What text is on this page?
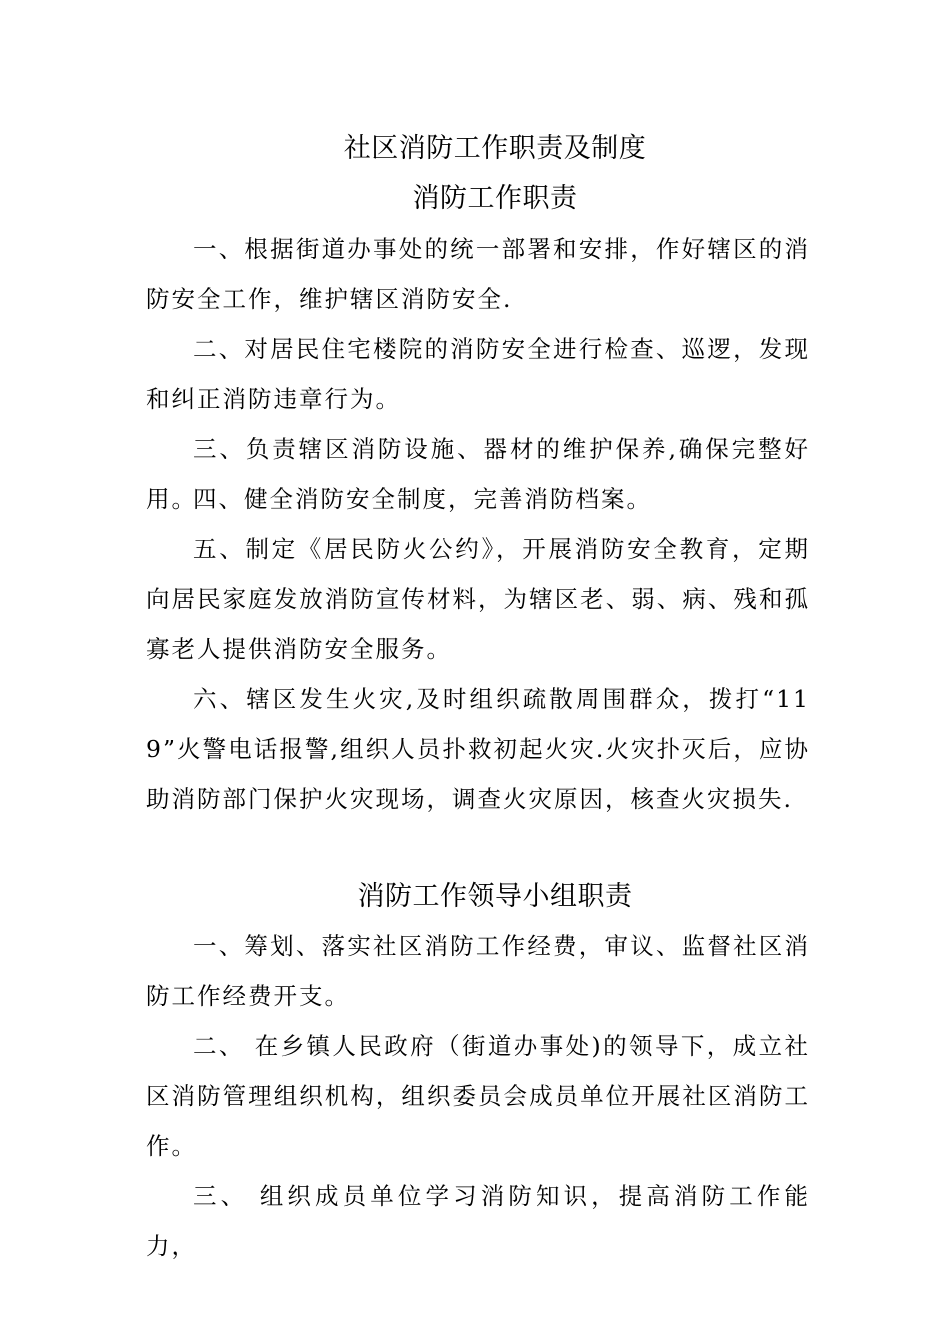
社区消防工作职责及制度
消防工作职责
一、根据街道办事处的统一部署和安排，作好辖区的消防安全工作，维护辖区消防安全.
二、对居民住宅楼院的消防安全进行检查、巡逻，发现和纠正消防违章行为。
三、负责辖区消防设施、器材的维护保养,确保完整好用。
四、健全消防安全制度，完善消防档案。
五、制定《居民防火公约》，开展消防安全教育，定期向居民家庭发放消防宣传材料，为辖区老、弱、病、残和孤寡老人提供消防安全服务。
六、辖区发生火灾,及时组织疏散周围群众，拨打“119”火警电话报警,组织人员扑救初起火灾.火灾扑灭后，应协助消防部门保护火灾现场，调查火灾原因，核查火灾损失.
消防工作领导小组职责
一、筹划、落实社区消防工作经费，审议、监督社区消防工作经费开支。
二、 在乡镇人民政府（街道办事处)的领导下，成立社区消防管理组织机构，组织委员会成员单位开展社区消防工作。
三、 组织成员单位学习消防知识，提高消防工作能力，
